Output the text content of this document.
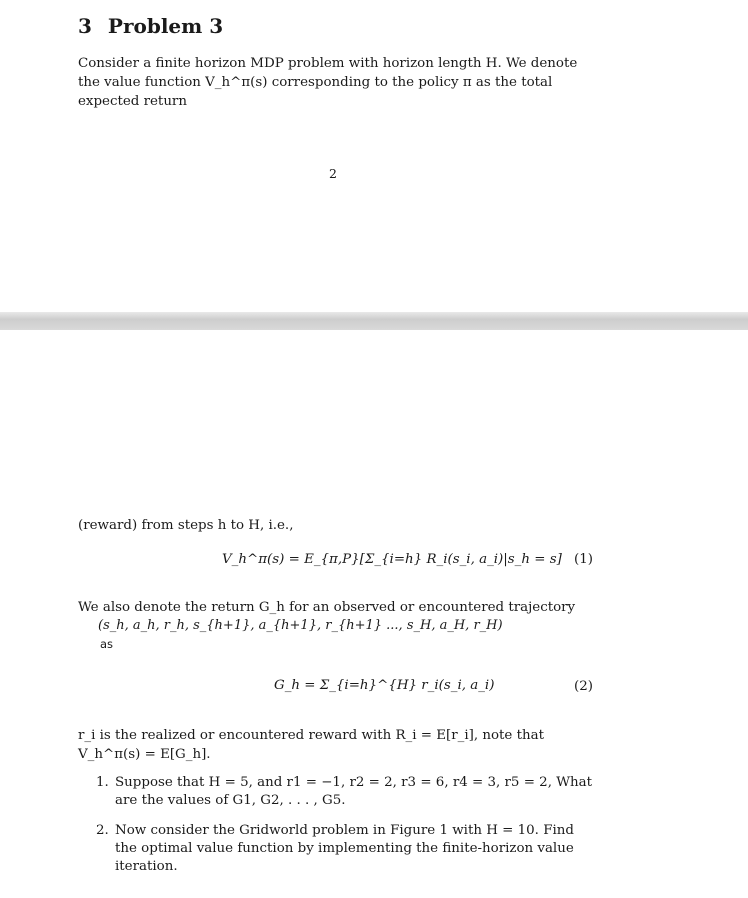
3 Problem 3
Consider a finite horizon MDP problem with horizon length H. We denote the value function V_h^π(s) corresponding to the policy π as the total expected return
2
(reward) from steps h to H, i.e.,
V_h^π(s) = E_{π,P}[Σ_{i=h} R_i(s_i, a_i)|s_h = s] (1)
We also denote the return G_h for an observed or encountered trajectory
(s_h, a_h, r_h, s_{h+1}, a_{h+1}, r_{h+1} ..., s_H, a_H, r_H)
as
G_h = Σ_{i=h}^{H} r_i(s_i, a_i)	(2)
r_i is the realized or encountered reward with R_i = E[r_i], note that V_h^π(s) = E[G_h].
1. Suppose that H = 5, and r1 = −1, r2 = 2, r3 = 6, r4 = 3, r5 = 2, What are the values of G1, G2, . . . , G5.
2. Now consider the Gridworld problem in Figure 1 with H = 10. Find the optimal value function by implementing the finite-horizon value iteration.
